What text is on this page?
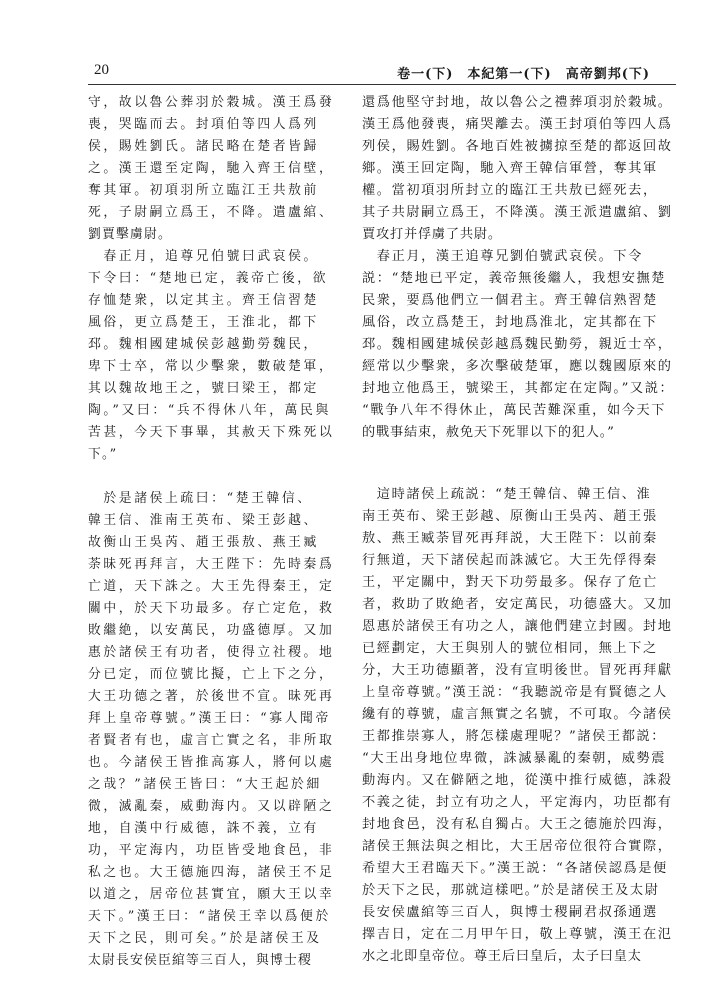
20	卷一(下)　本紀第一(下)　高帝劉邦(下)
守，故以魯公葬羽於穀城。漢王爲發
喪，哭臨而去。封項伯等四人爲列
侯，賜姓劉氏。諸民略在楚者皆歸
之。漢王還至定陶，馳入齊王信壁，
奪其軍。初項羽所立臨江王共敖前
死，子尉嗣立爲王，不降。遣盧綰、
劉賈擊虜尉。
　春正月，追尊兄伯號曰武哀侯。
下令曰：“楚地已定，義帝亡後，欲
存恤楚衆，以定其主。齊王信習楚
風俗，更立爲楚王，王淮北，都下
邳。魏相國建城侯彭越勤勞魏民，
卑下士卒，常以少擊衆，數破楚軍，
其以魏故地王之，號曰梁王，都定
陶。”又曰：“兵不得休八年，萬民與
苦甚，今天下事畢，其赦天下殊死以
下。”
　於是諸侯上疏曰：“楚王韓信、
韓王信、淮南王英布、梁王彭越、
故衡山王吳芮、趙王張敖、燕王臧
荼昧死再拜言，大王陛下：先時秦爲
亡道，天下誅之。大王先得秦王，定
關中，於天下功最多。存亡定危，救
敗繼絶，以安萬民，功盛德厚。又加
惠於諸侯王有功者，使得立社稷。地
分已定，而位號比擬，亡上下之分，
大王功德之著，於後世不宣。昧死再
拜上皇帝尊號。”漢王曰：“寡人聞帝
者賢者有也，虛言亡實之名，非所取
也。今諸侯王皆推高寡人，將何以處
之哉？”諸侯王皆曰：“大王起於細
微，滅亂秦，威動海内。又以辟陋之
地，自漢中行威德，誅不義，立有
功，平定海内，功臣皆受地食邑，非
私之也。大王德施四海，諸侯王不足
以道之，居帝位甚實宜，願大王以幸
天下。”漢王曰：“諸侯王幸以爲便於
天下之民，則可矣。”於是諸侯王及
太尉長安侯臣綰等三百人，與博士稷
還爲他堅守封地，故以魯公之禮葬項羽於穀城。
漢王爲他發喪，痛哭離去。漢王封項伯等四人爲
列侯，賜姓劉。各地百姓被擄掠至楚的都返回故
鄉。漢王回定陶，馳入齊王韓信軍營，奪其軍
權。當初項羽所封立的臨江王共敖已經死去，
其子共尉嗣立爲王，不降漢。漢王派遣盧綰、劉
賈攻打并俘虜了共尉。
　春正月，漢王追尊兄劉伯號武哀侯。下令
説：“楚地已平定，義帝無後繼人，我想安撫楚
民衆，要爲他們立一個君主。齊王韓信熟習楚
風俗，改立爲楚王，封地爲淮北，定其都在下
邳。魏相國建城侯彭越爲魏民勤勞，親近士卒，
經常以少擊衆，多次擊破楚軍，應以魏國原來的
封地立他爲王，號梁王，其都定在定陶。”又説：
“戰争八年不得休止，萬民苦難深重，如今天下
的戰事結束，赦免天下死罪以下的犯人。”
　這時諸侯上疏説：“楚王韓信、韓王信、淮
南王英布、梁王彭越、原衡山王吳芮、趙王張
敖、燕王臧荼冒死再拜説，大王陛下：以前秦
行無道，天下諸侯起而誅滅它。大王先俘得秦
王，平定關中，對天下功勞最多。保存了危亡
者，救助了敗絶者，安定萬民，功德盛大。又加
恩惠於諸侯王有功之人，讓他們建立封國。封地
已經劃定，大王與别人的號位相同，無上下之
分，大王功德顯著，没有宣明後世。冒死再拜獻
上皇帝尊號。”漢王説：“我聽説帝是有賢德之人
纔有的尊號，虛言無實之名號，不可取。今諸侯
王都推崇寡人，將怎樣處理呢？”諸侯王都説：
“大王出身地位卑微，誅滅暴亂的秦朝，威勢震
動海内。又在僻陋之地，從漢中推行威德，誅殺
不義之徒，封立有功之人，平定海内，功臣都有
封地食邑，没有私自獨占。大王之德施於四海，
諸侯王無法與之相比，大王居帝位很符合實際，
希望大王君臨天下。”漢王説：“各諸侯認爲是便
於天下之民，那就這樣吧。”於是諸侯王及太尉
長安侯盧綰等三百人，與博士稷嗣君叔孫通選
擇吉日，定在二月甲午日，敬上尊號，漢王在氾
水之北即皇帝位。尊王后曰皇后，太子曰皇太
